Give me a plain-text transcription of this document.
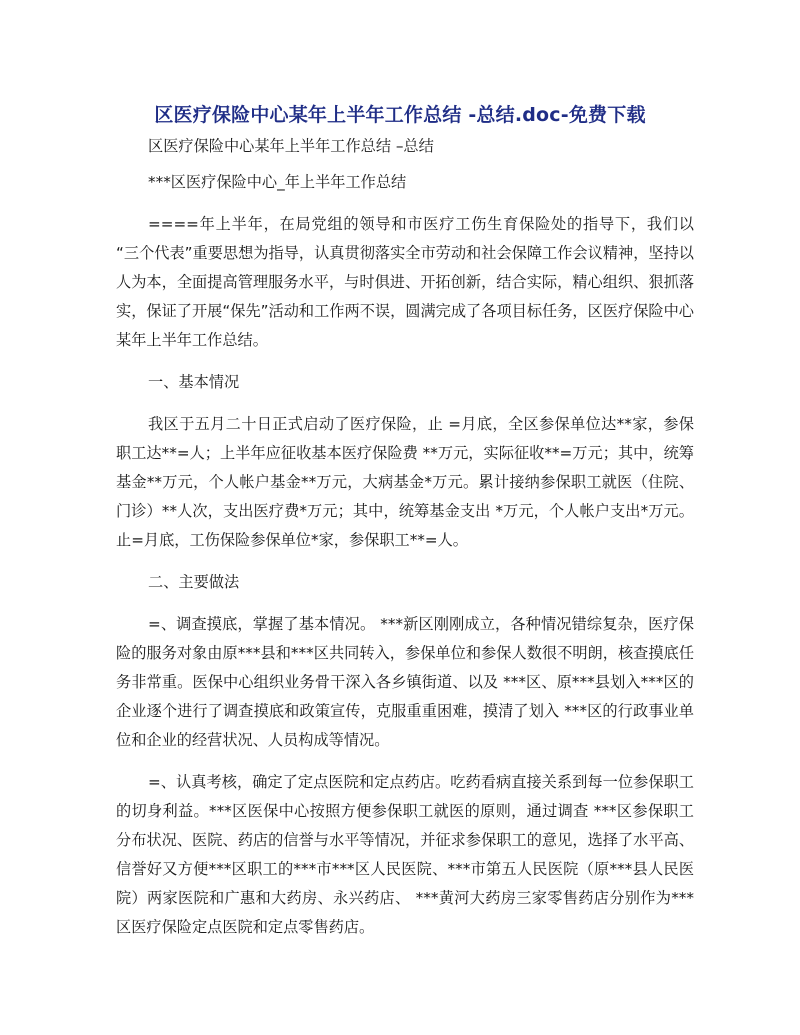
区医疗保险中心某年上半年工作总结 -总结.doc-免费下载
区医疗保险中心某年上半年工作总结 –总结

***区医疗保险中心_年上半年工作总结

====年上半年，在局党组的领导和市医疗工伤生育保险处的指导下，我们以 “三个代表”重要思想为指导，认真贯彻落实全市劳动和社会保障工作会议精神，坚持以人为本，全面提高管理服务水平，与时俱进、开拓创新，结合实际，精心组织、狠抓落实，保证了开展“保先”活动和工作两不误，圆满完成了各项目标任务，区医疗保险中心某年上半年工作总结。

一、基本情况

我区于五月二十日正式启动了医疗保险，止 =月底，全区参保单位达**家，参保职工达**=人；上半年应征收基本医疗保险费 **万元，实际征收**=万元；其中，统筹基金**万元，个人帐户基金**万元，大病基金*万元。累计接纳参保职工就医（住院、门诊）**人次，支出医疗费*万元；其中，统筹基金支出 *万元，个人帐户支出*万元。止=月底，工伤保险参保单位*家，参保职工**=人。

二、主要做法

=、调查摸底，掌握了基本情况。 ***新区刚刚成立，各种情况错综复杂，医疗保险的服务对象由原***县和***区共同转入，参保单位和参保人数很不明朗，核查摸底任务非常重。医保中心组织业务骨干深入各乡镇街道、以及 ***区、原***县划入***区的企业逐个进行了调查摸底和政策宣传，克服重重困难，摸清了划入 ***区的行政事业单位和企业的经营状况、人员构成等情况。

=、认真考核，确定了定点医院和定点药店。吃药看病直接关系到每一位参保职工的切身利益。***区医保中心按照方便参保职工就医的原则，通过调查 ***区参保职工分布状况、医院、药店的信誉与水平等情况，并征求参保职工的意见，选择了水平高、信誉好又方便***区职工的***市***区人民医院、***市第五人民医院（原***县人民医院）两家医院和广惠和大药房、永兴药店、 ***黄河大药房三家零售药店分别作为***区医疗保险定点医院和定点零售药店。
